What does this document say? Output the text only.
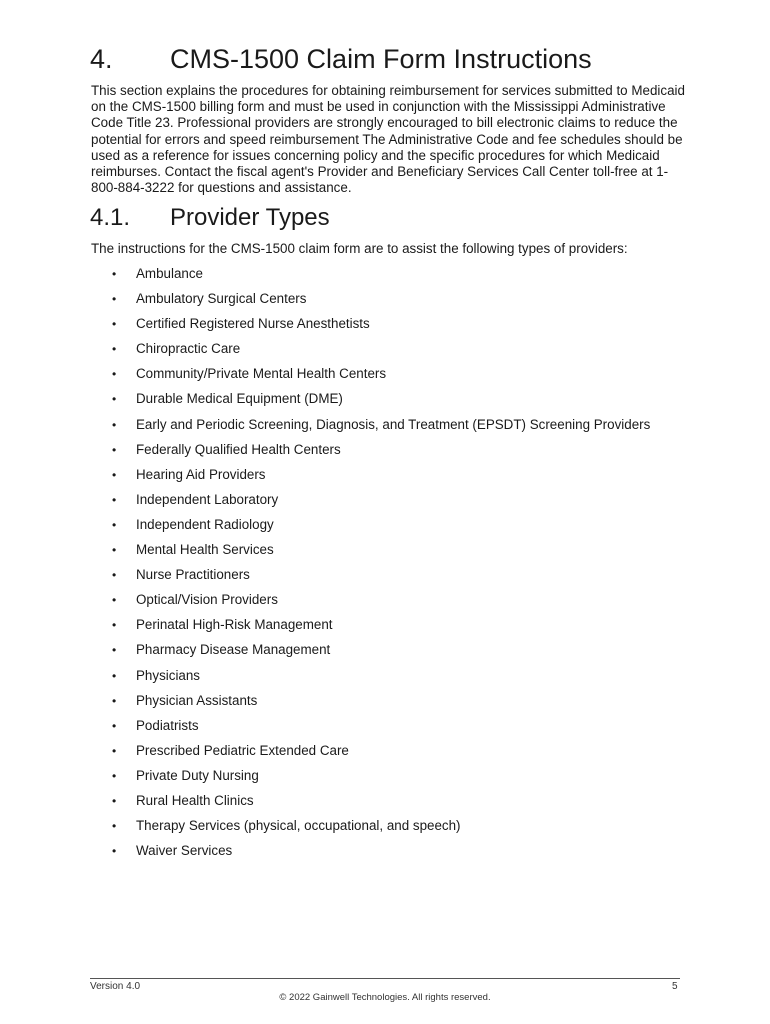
4. CMS-1500 Claim Form Instructions
This section explains the procedures for obtaining reimbursement for services submitted to Medicaid on the CMS-1500 billing form and must be used in conjunction with the Mississippi Administrative Code Title 23. Professional providers are strongly encouraged to bill electronic claims to reduce the potential for errors and speed reimbursement The Administrative Code and fee schedules should be used as a reference for issues concerning policy and the specific procedures for which Medicaid reimburses. Contact the fiscal agent's Provider and Beneficiary Services Call Center toll-free at 1-800-884-3222 for questions and assistance.
4.1. Provider Types
The instructions for the CMS-1500 claim form are to assist the following types of providers:
•	Ambulance
•	Ambulatory Surgical Centers
•	Certified Registered Nurse Anesthetists
•	Chiropractic Care
•	Community/Private Mental Health Centers
•	Durable Medical Equipment (DME)
•	Early and Periodic Screening, Diagnosis, and Treatment (EPSDT) Screening Providers
•	Federally Qualified Health Centers
•	Hearing Aid Providers
•	Independent Laboratory
•	Independent Radiology
•	Mental Health Services
•	Nurse Practitioners
•	Optical/Vision Providers
•	Perinatal High-Risk Management
•	Pharmacy Disease Management
•	Physicians
•	Physician Assistants
•	Podiatrists
•	Prescribed Pediatric Extended Care
•	Private Duty Nursing
•	Rural Health Clinics
•	Therapy Services (physical, occupational, and speech)
•	Waiver Services
Version 4.0	5
© 2022 Gainwell Technologies. All rights reserved.
